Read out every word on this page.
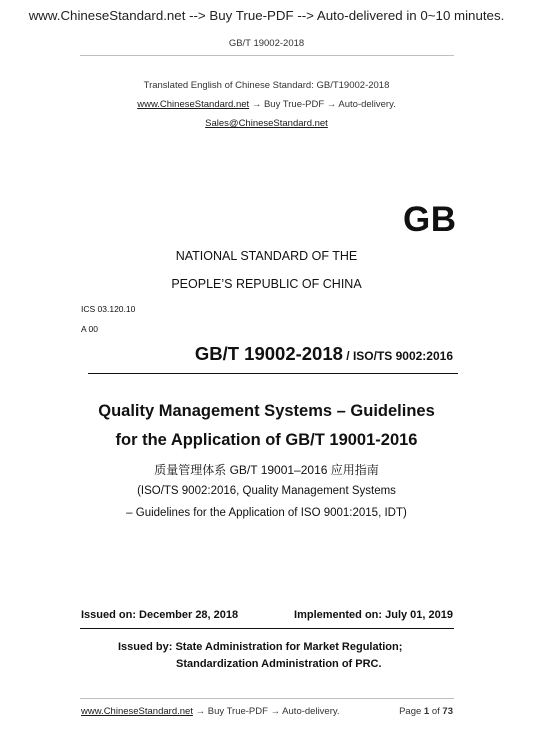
www.ChineseStandard.net --> Buy True-PDF --> Auto-delivered in 0~10 minutes.
GB/T 19002-2018
Translated English of Chinese Standard: GB/T19002-2018
www.ChineseStandard.net → Buy True-PDF → Auto-delivery.
Sales@ChineseStandard.net
GB
NATIONAL STANDARD OF THE
PEOPLE’S REPUBLIC OF CHINA
ICS 03.120.10
A 00
GB/T 19002-2018 / ISO/TS 9002:2016
Quality Management Systems – Guidelines
for the Application of GB/T 19001-2016
质量管理体系 GB/T 19001–2016 应用指南
(ISO/TS 9002:2016, Quality Management Systems
– Guidelines for the Application of ISO 9001:2015, IDT)
Issued on: December 28, 2018	Implemented on: July 01, 2019
Issued by: State Administration for Market Regulation;
Standardization Administration of PRC.
www.ChineseStandard.net → Buy True-PDF → Auto-delivery.	Page 1 of 73
